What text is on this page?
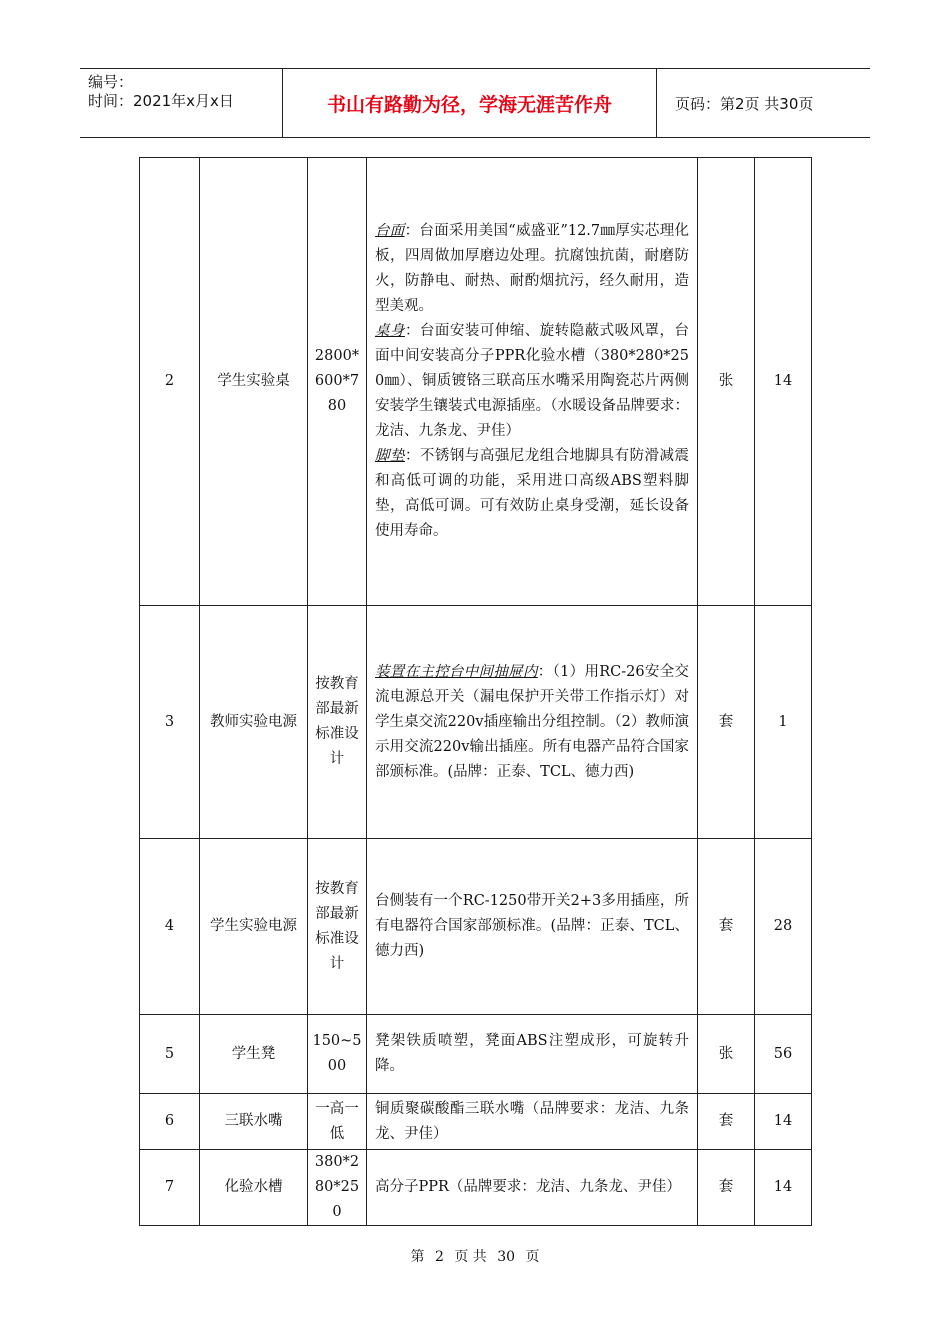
编号：
时间：2021年x月x日	书山有路勤为径，学海无涯苦作舟	页码：第2页 共30页
2	学生实验桌	2800*600*780	台面：台面采用美国“威盛亚”12.7㎜厚实芯理化板，四周做加厚磨边处理。抗腐蚀抗菌，耐磨防火，防静电、耐热、耐酌烟抗污，经久耐用，造型美观。
桌身：台面安装可伸缩、旋转隐蔽式吸风罩，台面中间安装高分子PPR化验水槽（380*280*250㎜）、铜质镀铬三联高压水嘴采用陶瓷芯片两侧安装学生镶装式电源插座。（水暖设备品牌要求：龙洁、九条龙、尹佳）
脚垫：不锈钢与高强尼龙组合地脚具有防滑减震和高低可调的功能，采用进口高级ABS塑料脚垫，高低可调。可有效防止桌身受潮，延长设备使用寿命。	张	14
3	教师实验电源	按教育部最新标准设计	装置在主控台中间抽屉内：（1）用RC-26安全交流电源总开关（漏电保护开关带工作指示灯）对学生桌交流220v插座输出分组控制。（2）教师演示用交流220v输出插座。所有电器产品符合国家部颁标准。(品牌：正泰、TCL、德力西)	套	1
4	学生实验电源	按教育部最新标准设计	台侧装有一个RC-1250带开关2+3多用插座，所有电器符合国家部颁标准。(品牌：正泰、TCL、德力西)	套	28
5	学生凳	150~500	凳架铁质喷塑，凳面ABS注塑成形，可旋转升降。	张	56
6	三联水嘴	一高一低	铜质聚碳酸酯三联水嘴（品牌要求：龙洁、九条龙、尹佳）	套	14
7	化验水槽	380*280*250	高分子PPR（品牌要求：龙洁、九条龙、尹佳）	套	14
第 2 页 共 30 页
